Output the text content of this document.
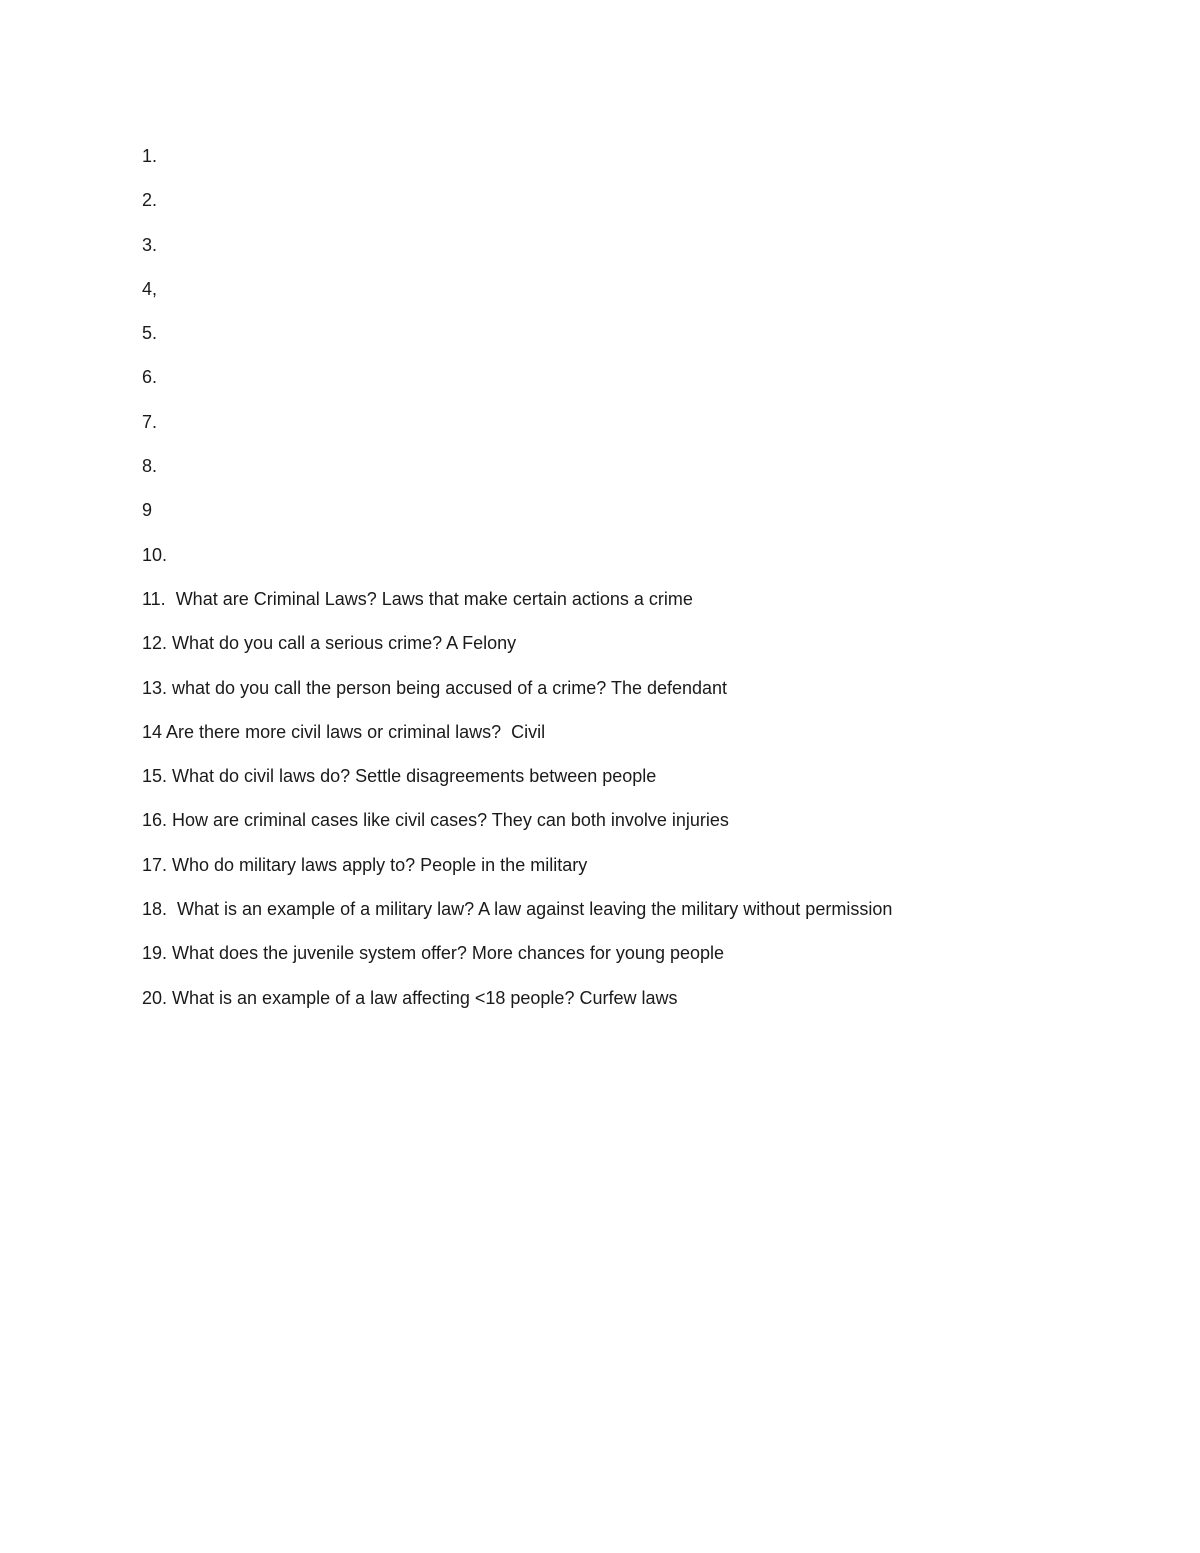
1.
2.
3.
4,
5.
6.
7.
8.
9
10.
11.  What are Criminal Laws? Laws that make certain actions a crime
12. What do you call a serious crime? A Felony
13. what do you call the person being accused of a crime? The defendant
14 Are there more civil laws or criminal laws?  Civil
15. What do civil laws do? Settle disagreements between people
16. How are criminal cases like civil cases? They can both involve injuries
17. Who do military laws apply to? People in the military
18.  What is an example of a military law? A law against leaving the military without permission
19. What does the juvenile system offer? More chances for young people
20. What is an example of a law affecting <18 people? Curfew laws
